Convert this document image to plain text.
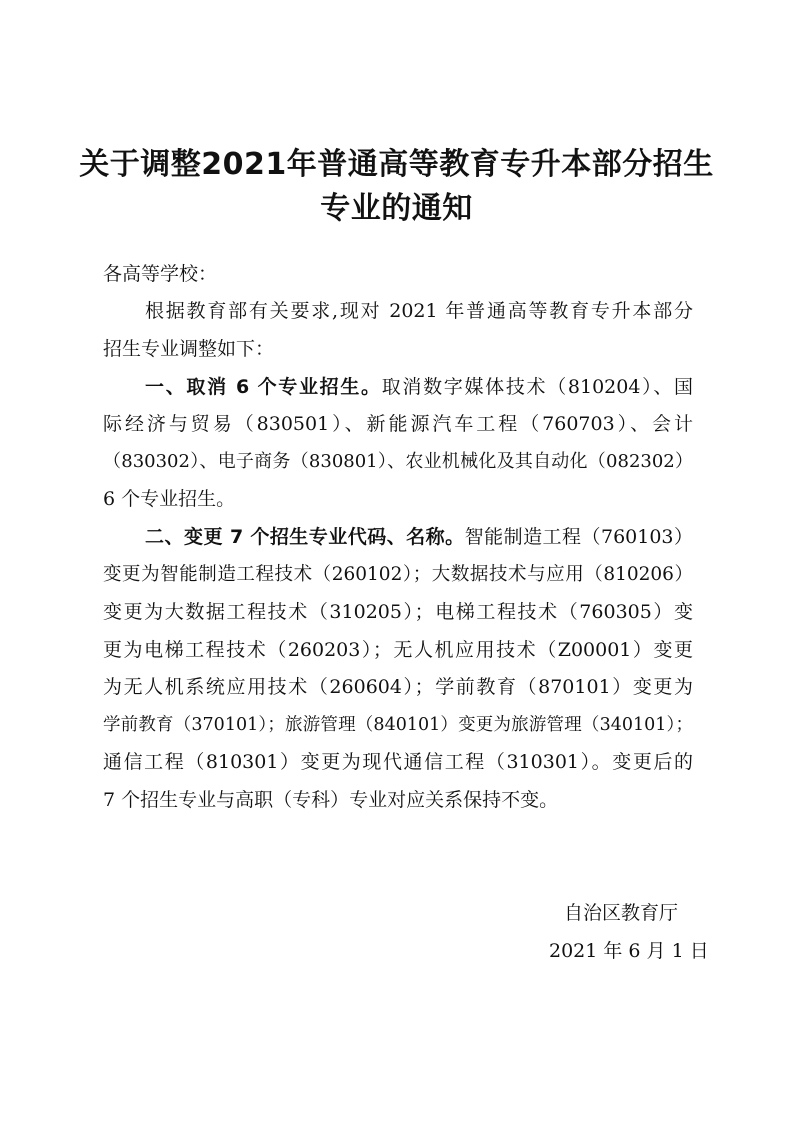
关于调整2021年普通高等教育专升本部分招生
专业的通知
各高等学校：
根据教育部有关要求,现对 2021 年普通高等教育专升本部分
招生专业调整如下：
一、取消 6 个专业招生。取消数字媒体技术（810204）、国
际经济与贸易（830501）、新能源汽车工程（760703）、会计
（830302）、电子商务（830801）、农业机械化及其自动化（082302）
6 个专业招生。
二、变更 7 个招生专业代码、名称。智能制造工程（760103）
变更为智能制造工程技术（260102）；大数据技术与应用（810206）
变更为大数据工程技术（310205）；电梯工程技术（760305）变
更为电梯工程技术（260203）；无人机应用技术（Z00001）变更
为无人机系统应用技术（260604）；学前教育（870101）变更为
学前教育（370101）；旅游管理（840101）变更为旅游管理（340101）；
通信工程（810301）变更为现代通信工程（310301）。变更后的
7 个招生专业与高职（专科）专业对应关系保持不变。
自治区教育厅
2021 年 6 月 1 日
